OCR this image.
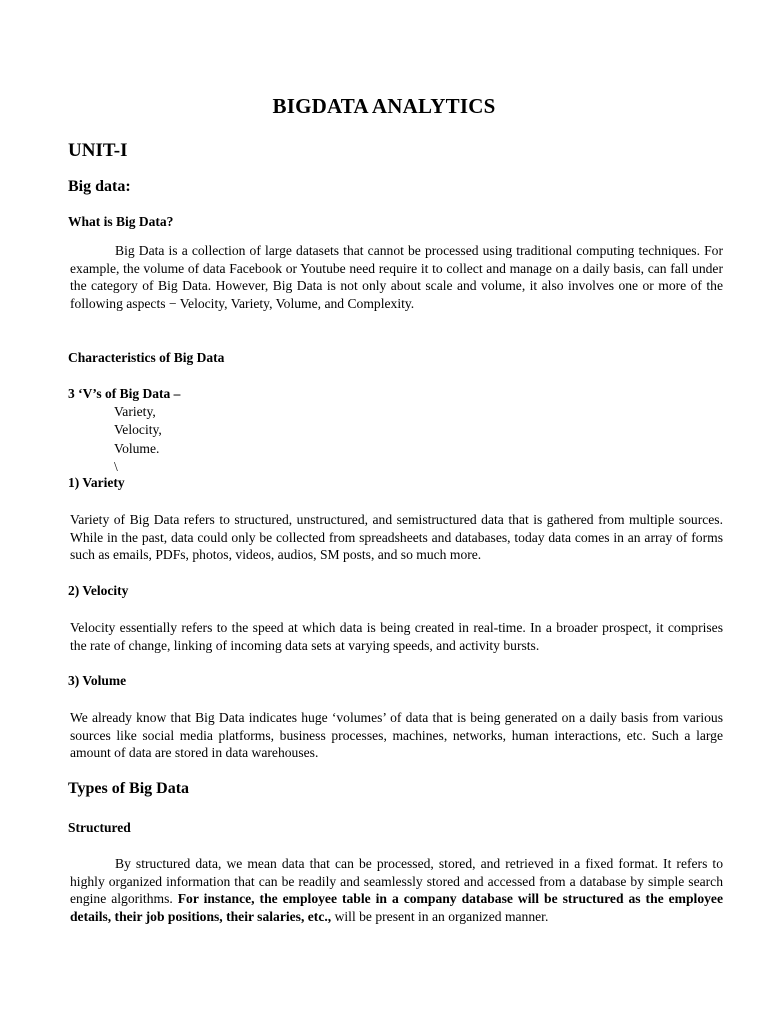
BIGDATA ANALYTICS
UNIT-I
Big data:
What is Big Data?
Big Data is a collection of large datasets that cannot be processed using traditional computing techniques. For example, the volume of data Facebook or Youtube need require it to collect and manage on a daily basis, can fall under the category of Big Data. However, Big Data is not only about scale and volume, it also involves one or more of the following aspects − Velocity, Variety, Volume, and Complexity.
Characteristics of Big Data
3 ‘V’s of Big Data –
Variety,
Velocity,
Volume.
\
1) Variety
Variety of Big Data refers to structured, unstructured, and semistructured data that is gathered from multiple sources. While in the past, data could only be collected from spreadsheets and databases, today data comes in an array of forms such as emails, PDFs, photos, videos, audios, SM posts, and so much more.
2) Velocity
Velocity essentially refers to the speed at which data is being created in real-time. In a broader prospect, it comprises the rate of change, linking of incoming data sets at varying speeds, and activity bursts.
3) Volume
We already know that Big Data indicates huge ‘volumes’ of data that is being generated on a daily basis from various sources like social media platforms, business processes, machines, networks, human interactions, etc. Such a large amount of data are stored in data warehouses.
Types of Big Data
Structured
By structured data, we mean data that can be processed, stored, and retrieved in a fixed format. It refers to highly organized information that can be readily and seamlessly stored and accessed from a database by simple search engine algorithms. For instance, the employee table in a company database will be structured as the employee details, their job positions, their salaries, etc., will be present in an organized manner.
